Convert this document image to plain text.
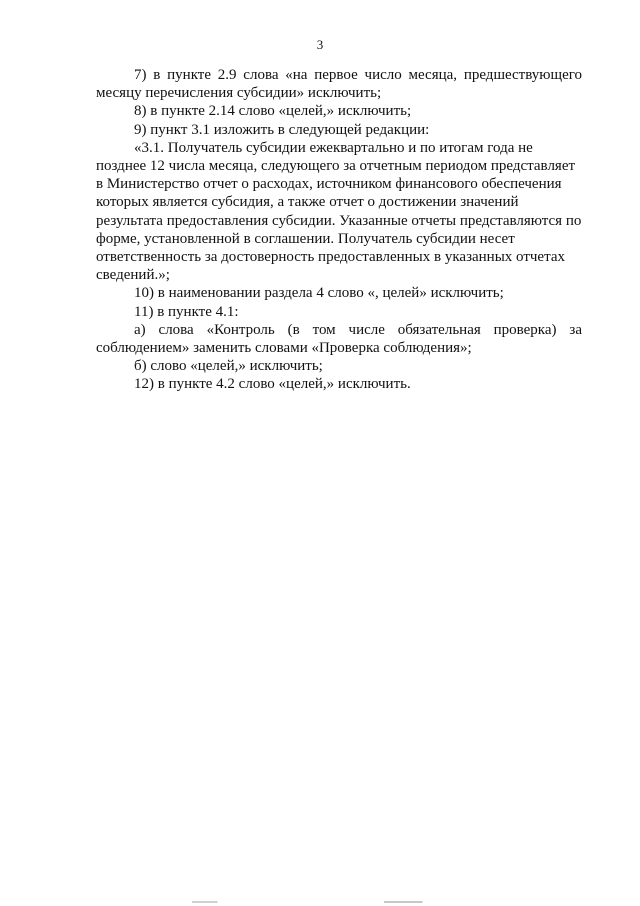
3

7) в пункте 2.9 слова «на первое число месяца, предшествующего месяцу перечисления субсидии» исключить;

8) в пункте 2.14 слово «целей,» исключить;

9) пункт 3.1 изложить в следующей редакции:

«3.1. Получатель субсидии ежеквартально и по итогам года не позднее 12 числа месяца, следующего за отчетным периодом представляет в Министерство отчет о расходах, источником финансового обеспечения которых является субсидия, а также отчет о достижении значений результата предоставления субсидии. Указанные отчеты представляются по форме, установленной в соглашении. Получатель субсидии несет ответственность за достоверность предоставленных в указанных отчетах сведений.»;

10) в наименовании раздела 4 слово «, целей» исключить;

11) в пункте 4.1:

а) слова «Контроль (в том числе обязательная проверка) за соблюдением» заменить словами «Проверка соблюдения»;

б) слово «целей,» исключить;

12) в пункте 4.2 слово «целей,» исключить.
